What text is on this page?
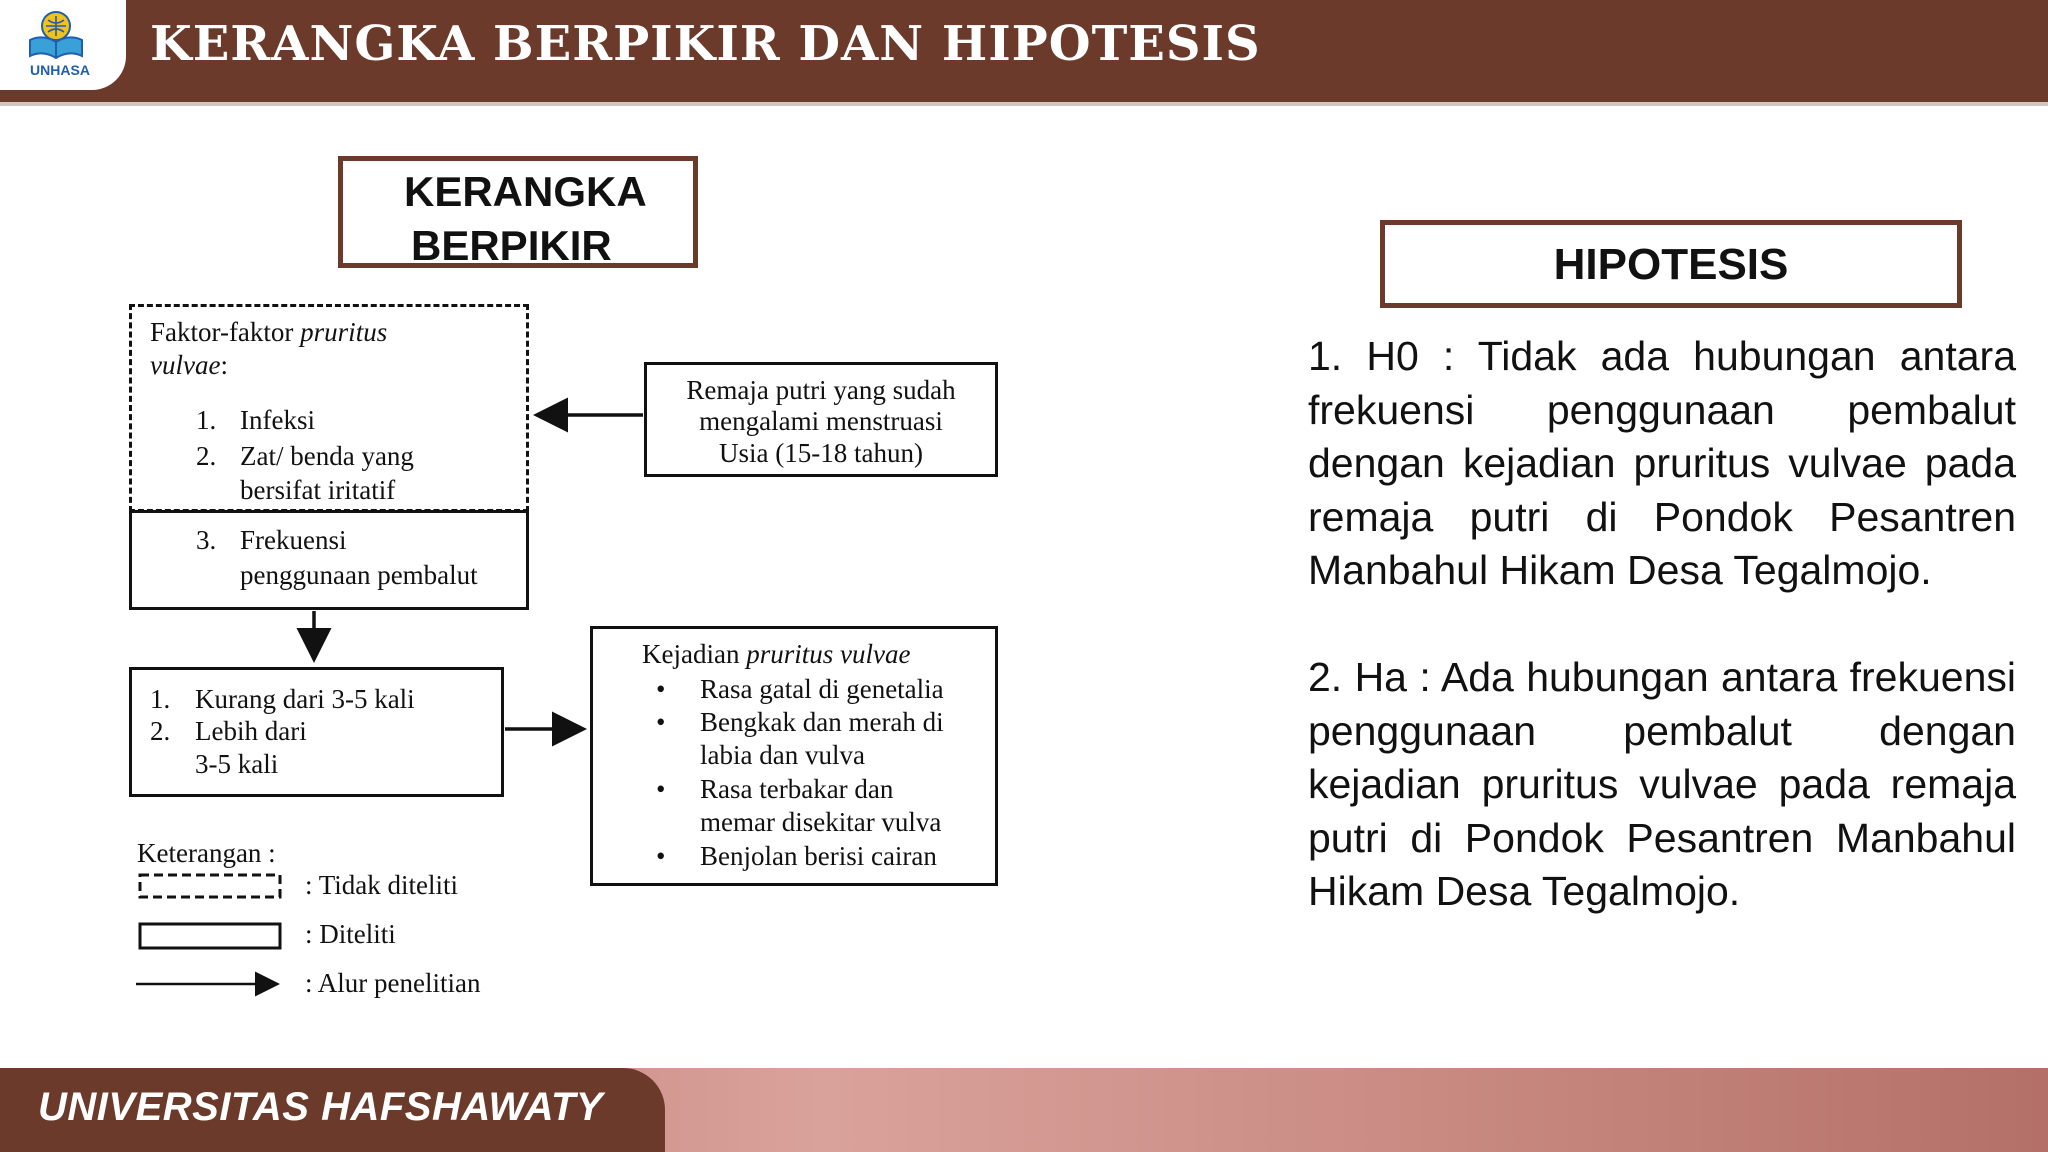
UNHASA	KERANGKA BERPIKIR DAN HIPOTESIS
KERANGKA
BERPIKIR
Faktor-faktor pruritus
vulvae:
1. Infeksi
2. Zat/ benda yang
bersifat iritatif
3. Frekuensi
penggunaan pembalut
Remaja putri yang sudah
mengalami menstruasi
Usia (15-18 tahun)
1. Kurang dari 3-5 kali
2. Lebih dari
3-5 kali
Kejadian pruritus vulvae
• Rasa gatal di genetalia
• Bengkak dan merah di
labia dan vulva
• Rasa terbakar dan
memar disekitar vulva
• Benjolan berisi cairan
Keterangan :
: Tidak diteliti
: Diteliti
: Alur penelitian
HIPOTESIS
1. H0 : Tidak ada hubungan antara frekuensi penggunaan pembalut dengan kejadian pruritus vulvae pada remaja putri di Pondok Pesantren Manbahul Hikam Desa Tegalmojo.
2. Ha : Ada hubungan antara frekuensi penggunaan pembalut dengan kejadian pruritus vulvae pada remaja putri di Pondok Pesantren Manbahul Hikam Desa Tegalmojo.
UNIVERSITAS HAFSHAWATY
